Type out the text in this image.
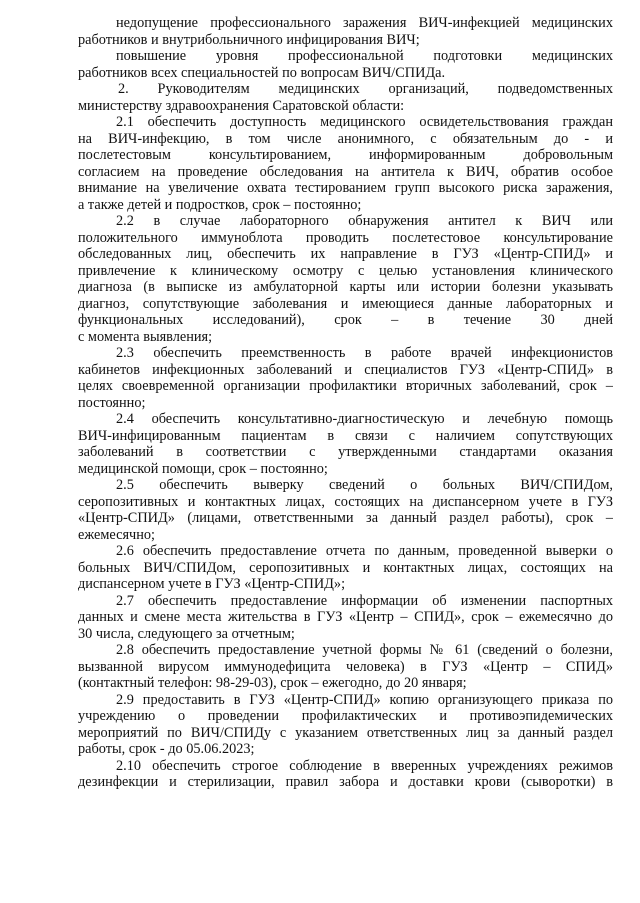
недопущение профессионального заражения ВИЧ-инфекцией медицинских
работников и внутрибольничного инфицирования ВИЧ;
повышение уровня профессиональной подготовки медицинских
работников всех специальностей по вопросам ВИЧ/СПИДа.
2. Руководителям медицинских организаций, подведомственных
министерству здравоохранения Саратовской области:
2.1 обеспечить доступность медицинского освидетельствования граждан
на ВИЧ-инфекцию, в том числе анонимного, с обязательным до - и
послетестовым консультированием, информированным добровольным
согласием на проведение обследования на антитела к ВИЧ, обратив особое
внимание на увеличение охвата тестированием групп высокого риска заражения,
а также детей и подростков, срок – постоянно;
2.2 в случае лабораторного обнаружения антител к ВИЧ или
положительного иммуноблота проводить послетестовое консультирование
обследованных лиц, обеспечить их направление в ГУЗ «Центр-СПИД» и
привлечение к клиническому осмотру с целью установления клинического
диагноза (в выписке из амбулаторной карты или истории болезни указывать
диагноз, сопутствующие заболевания и имеющиеся данные лабораторных и
функциональных исследований), срок – в течение 30 дней
с момента выявления;
2.3 обеспечить преемственность в работе врачей инфекционистов
кабинетов инфекционных заболеваний и специалистов ГУЗ «Центр-СПИД» в
целях своевременной организации профилактики вторичных заболеваний, срок –
постоянно;
2.4 обеспечить консультативно-диагностическую и лечебную помощь
ВИЧ-инфицированным пациентам в связи с наличием сопутствующих
заболеваний в соответствии с утвержденными стандартами оказания
медицинской помощи, срок – постоянно;
2.5 обеспечить выверку сведений о больных ВИЧ/СПИДом,
серопозитивных и контактных лицах, состоящих на диспансерном учете в ГУЗ
«Центр-СПИД» (лицами, ответственными за данный раздел работы), срок –
ежемесячно;
2.6 обеспечить предоставление отчета по данным, проведенной выверки о
больных ВИЧ/СПИДом, серопозитивных и контактных лицах, состоящих на
диспансерном учете в ГУЗ «Центр-СПИД»;
2.7 обеспечить предоставление информации об изменении паспортных
данных и смене места жительства в ГУЗ «Центр – СПИД», срок – ежемесячно до
30 числа, следующего за отчетным;
2.8 обеспечить предоставление учетной формы № 61 (сведений о болезни,
вызванной вирусом иммунодефицита человека) в ГУЗ «Центр – СПИД»
(контактный телефон: 98-29-03), срок – ежегодно, до 20 января;
2.9 предоставить в ГУЗ «Центр-СПИД» копию организующего приказа по
учреждению о проведении профилактических и противоэпидемических
мероприятий по ВИЧ/СПИДу с указанием ответственных лиц за данный раздел
работы, срок - до 05.06.2023;
2.10 обеспечить строгое соблюдение в вверенных учреждениях режимов
дезинфекции и стерилизации, правил забора и доставки крови (сыворотки) в
